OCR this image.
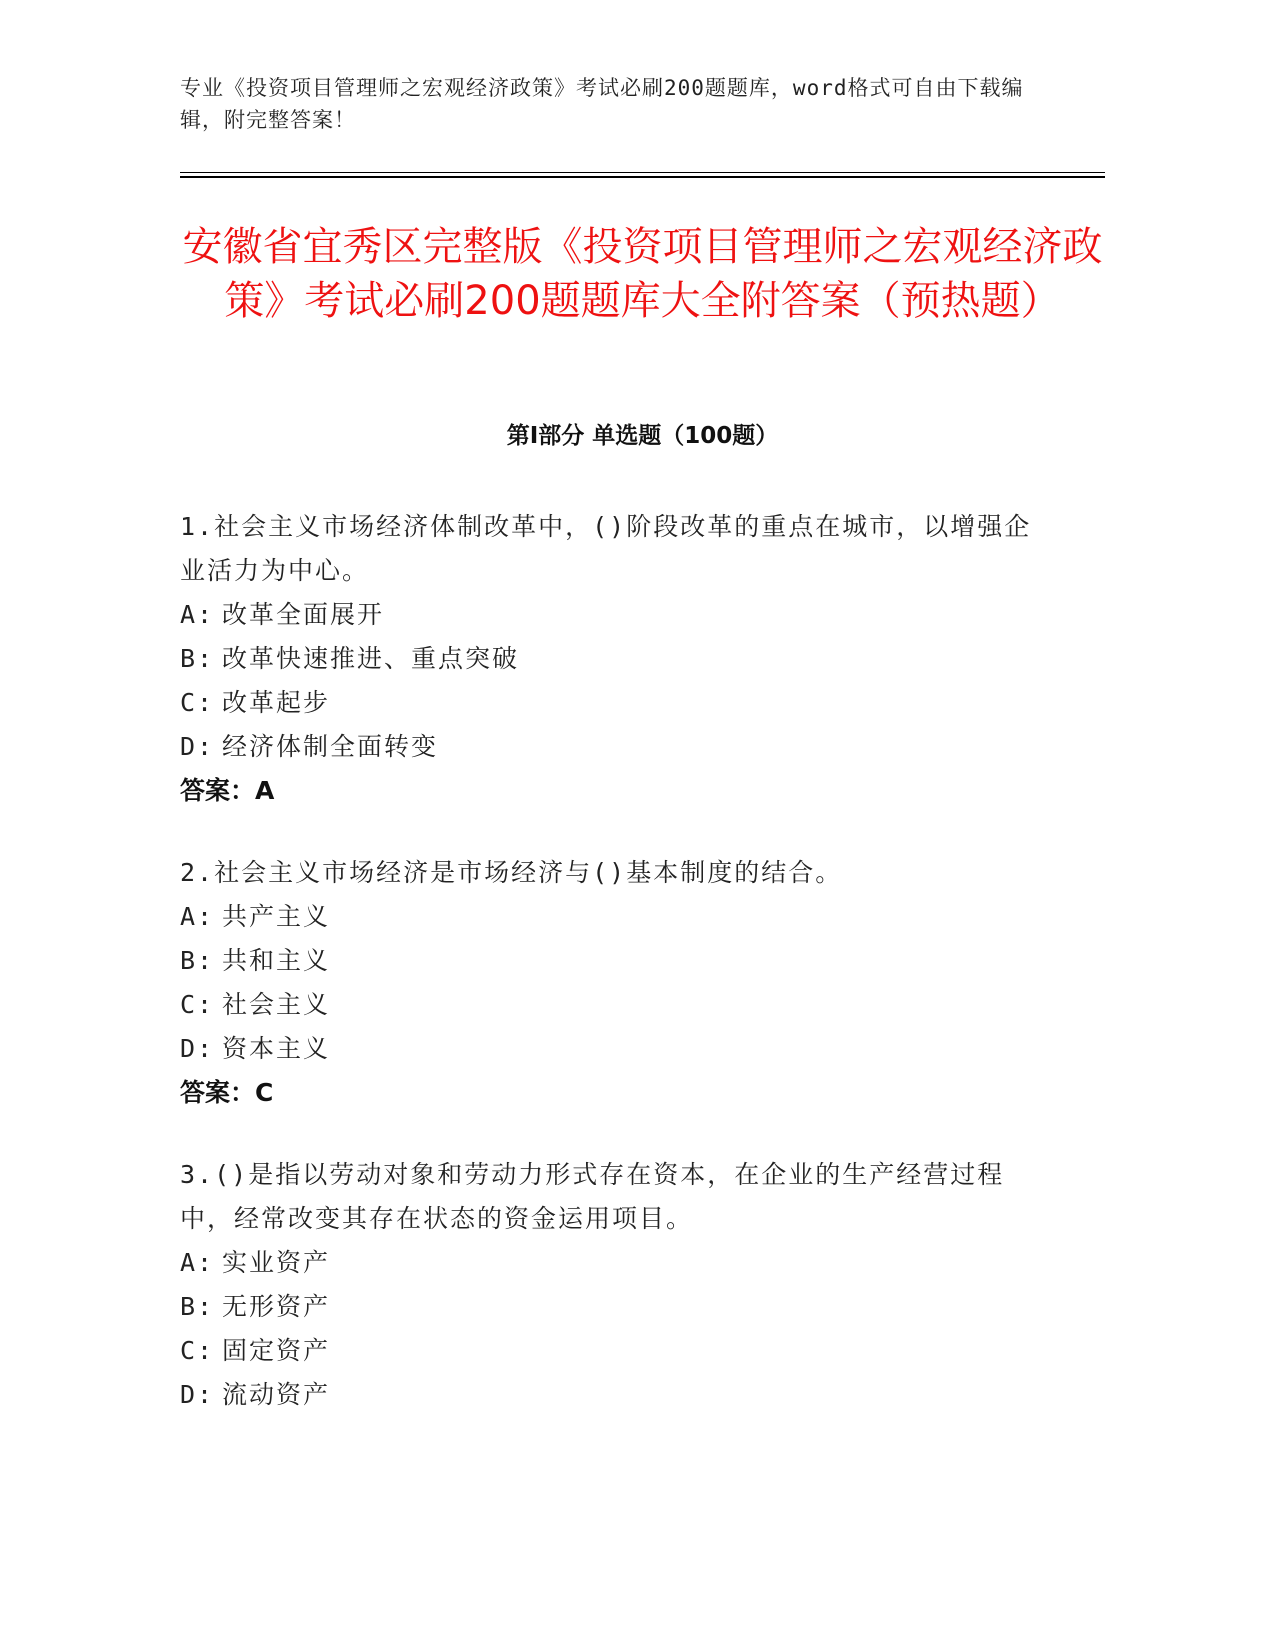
专业《投资项目管理师之宏观经济政策》考试必刷200题题库，word格式可自由下载编辑，附完整答案！
安徽省宜秀区完整版《投资项目管理师之宏观经济政策》考试必刷200题题库大全附答案（预热题）
第Ⅰ部分 单选题（100题）
1.社会主义市场经济体制改革中，()阶段改革的重点在城市，以增强企业活力为中心。
A: 改革全面展开
B: 改革快速推进、重点突破
C: 改革起步
D: 经济体制全面转变
答案：A
2.社会主义市场经济是市场经济与()基本制度的结合。
A: 共产主义
B: 共和主义
C: 社会主义
D: 资本主义
答案：C
3.()是指以劳动对象和劳动力形式存在资本，在企业的生产经营过程中，经常改变其存在状态的资金运用项目。
A: 实业资产
B: 无形资产
C: 固定资产
D: 流动资产
